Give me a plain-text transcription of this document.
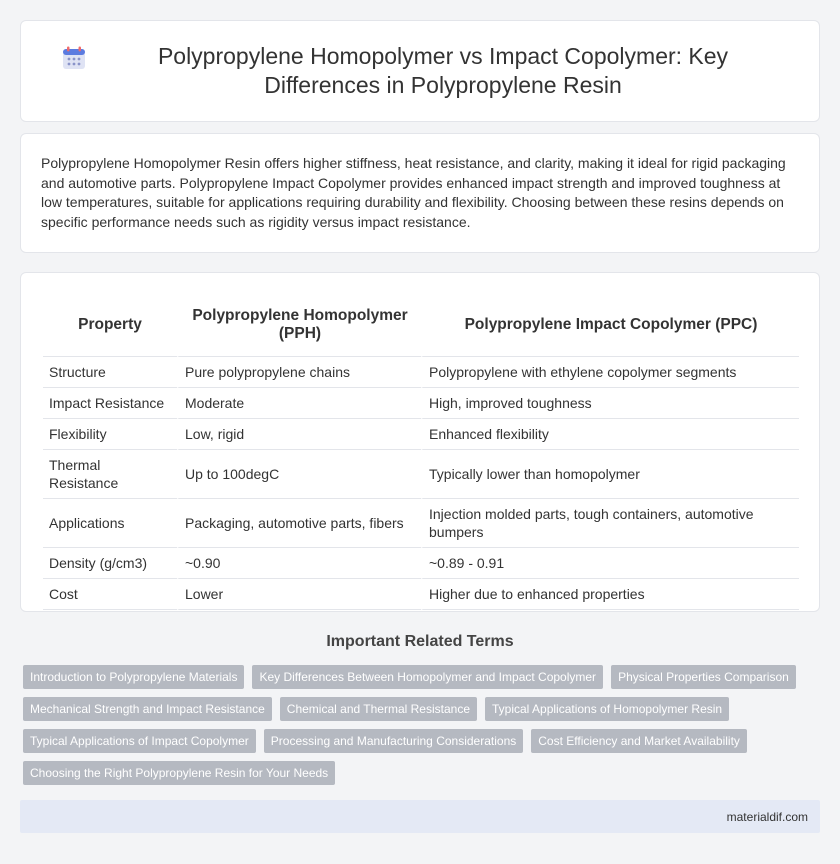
Polypropylene Homopolymer vs Impact Copolymer: Key Differences in Polypropylene Resin

Polypropylene Homopolymer Resin offers higher stiffness, heat resistance, and clarity, making it ideal for rigid packaging and automotive parts. Polypropylene Impact Copolymer provides enhanced impact strength and improved toughness at low temperatures, suitable for applications requiring durability and flexibility. Choosing between these resins depends on specific performance needs such as rigidity versus impact resistance.

Property	Polypropylene Homopolymer (PPH)	Polypropylene Impact Copolymer (PPC)
Structure	Pure polypropylene chains	Polypropylene with ethylene copolymer segments
Impact Resistance	Moderate	High, improved toughness
Flexibility	Low, rigid	Enhanced flexibility
Thermal Resistance	Up to 100degC	Typically lower than homopolymer
Applications	Packaging, automotive parts, fibers	Injection molded parts, tough containers, automotive bumpers
Density (g/cm3)	~0.90	~0.89 - 0.91
Cost	Lower	Higher due to enhanced properties
Important Related Terms
Introduction to Polypropylene Materials	Key Differences Between Homopolymer and Impact Copolymer	Physical Properties Comparison
Mechanical Strength and Impact Resistance	Chemical and Thermal Resistance	Typical Applications of Homopolymer Resin
Typical Applications of Impact Copolymer	Processing and Manufacturing Considerations	Cost Efficiency and Market Availability
Choosing the Right Polypropylene Resin for Your Needs
materialdif.com
